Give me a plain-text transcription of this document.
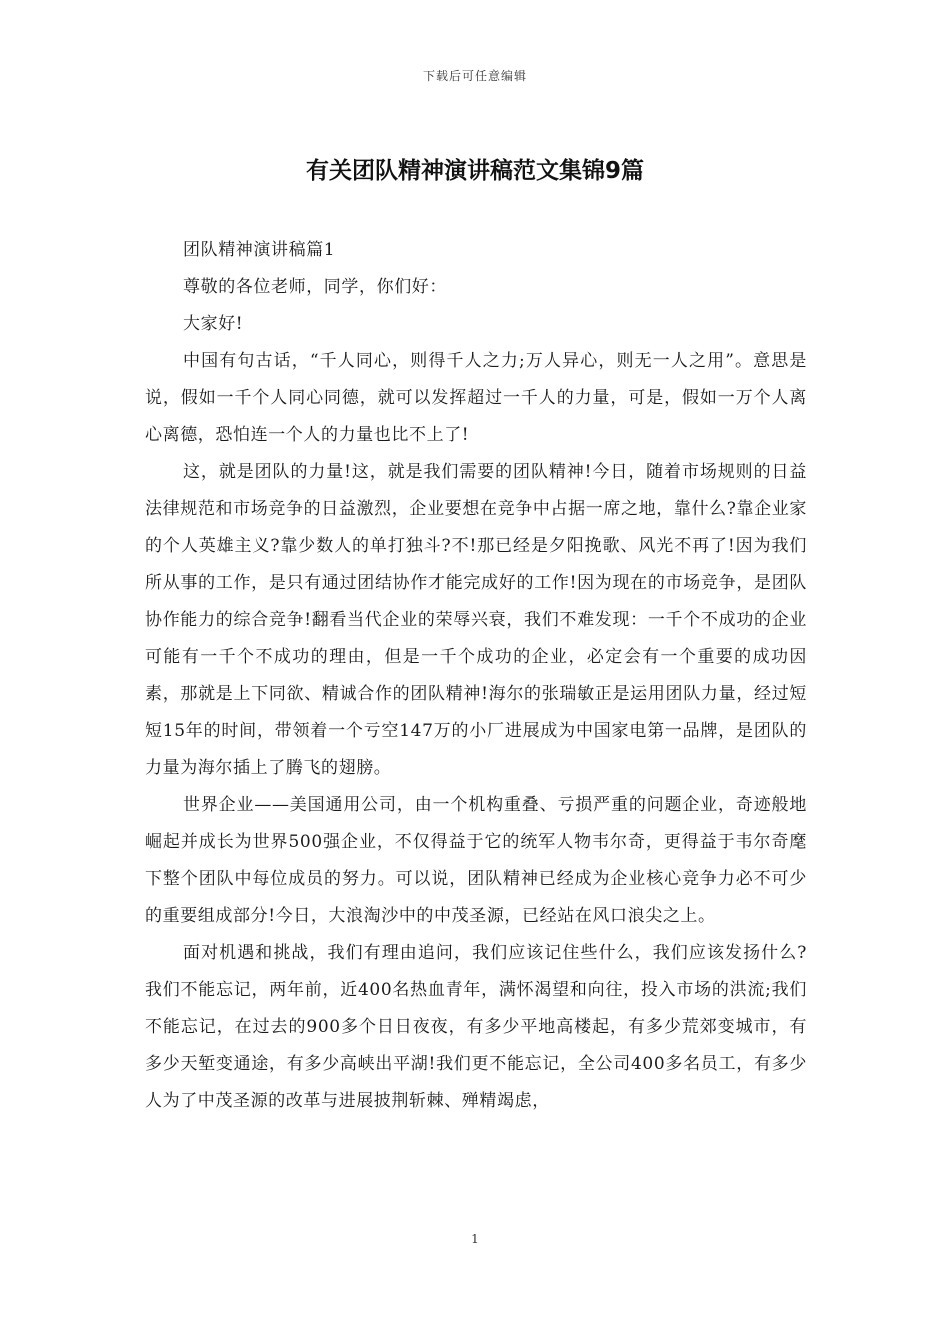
下载后可任意编辑
有关团队精神演讲稿范文集锦9篇

团队精神演讲稿篇1

尊敬的各位老师，同学，你们好：

大家好!

中国有句古话，“千人同心，则得千人之力;万人异心，则无一人之用”。意思是说，假如一千个人同心同德，就可以发挥超过一千人的力量，可是，假如一万个人离心离德，恐怕连一个人的力量也比不上了!

这，就是团队的力量!这，就是我们需要的团队精神!今日，随着市场规则的日益法律规范和市场竞争的日益激烈，企业要想在竞争中占据一席之地，靠什么?靠企业家的个人英雄主义?靠少数人的单打独斗?不!那已经是夕阳挽歌、风光不再了!因为我们所从事的工作，是只有通过团结协作才能完成好的工作!因为现在的市场竞争，是团队协作能力的综合竞争!翻看当代企业的荣辱兴衰，我们不难发现：一千个不成功的企业可能有一千个不成功的理由，但是一千个成功的企业，必定会有一个重要的成功因素，那就是上下同欲、精诚合作的团队精神!海尔的张瑞敏正是运用团队力量，经过短短15年的时间，带领着一个亏空147万的小厂进展成为中国家电第一品牌，是团队的力量为海尔插上了腾飞的翅膀。

世界企业——美国通用公司，由一个机构重叠、亏损严重的问题企业，奇迹般地崛起并成长为世界500强企业，不仅得益于它的统军人物韦尔奇，更得益于韦尔奇麾下整个团队中每位成员的努力。可以说，团队精神已经成为企业核心竞争力必不可少的重要组成部分!今日，大浪淘沙中的中茂圣源，已经站在风口浪尖之上。

面对机遇和挑战，我们有理由追问，我们应该记住些什么，我们应该发扬什么?我们不能忘记，两年前，近400名热血青年，满怀渴望和向往，投入市场的洪流;我们不能忘记，在过去的900多个日日夜夜，有多少平地高楼起，有多少荒郊变城市，有多少天堑变通途，有多少高峡出平湖!我们更不能忘记，全公司400多名员工，有多少人为了中茂圣源的改革与进展披荆斩棘、殚精竭虑，

1
